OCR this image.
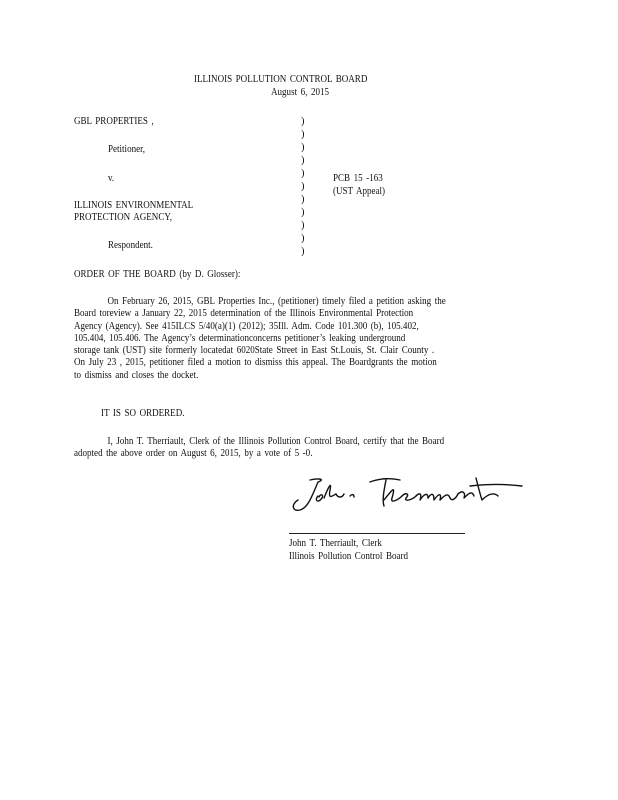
ILLINOIS POLLUTION CONTROL BOARD
August 6, 2015
GBL PROPERTIES ,
Petitioner,
v.
ILLINOIS ENVIRONMENTAL
PROTECTION AGENCY,
Respondent.
)
)
)
)
)
)
)
)
)
)
)
PCB 15 -163
(UST Appeal)
ORDER OF THE BOARD (by D. Glosser):
On February 26, 2015, GBL Properties Inc., (petitioner) timely filed a petition asking the
Board toreview a January 22, 2015 determination of the Illinois Environmental Protection
Agency (Agency). See 415ILCS 5/40(a)(1) (2012); 35Ill. Adm. Code 101.300 (b), 105.402,
105.404, 105.406. The Agency’s determinationconcerns petitioner’s leaking underground
storage tank (UST) site formerly locatedat 6020State Street in East St.Louis, St. Clair County .
On July 23 , 2015, petitioner filed a motion to dismiss this appeal. The Boardgrants the motion
to dismiss and closes the docket.
IT IS SO ORDERED.
I, John T. Therriault, Clerk of the Illinois Pollution Control Board, certify that the Board
adopted the above order on August 6, 2015, by a vote of 5 -0.
John T. Therriault, Clerk
Illinois Pollution Control Board
